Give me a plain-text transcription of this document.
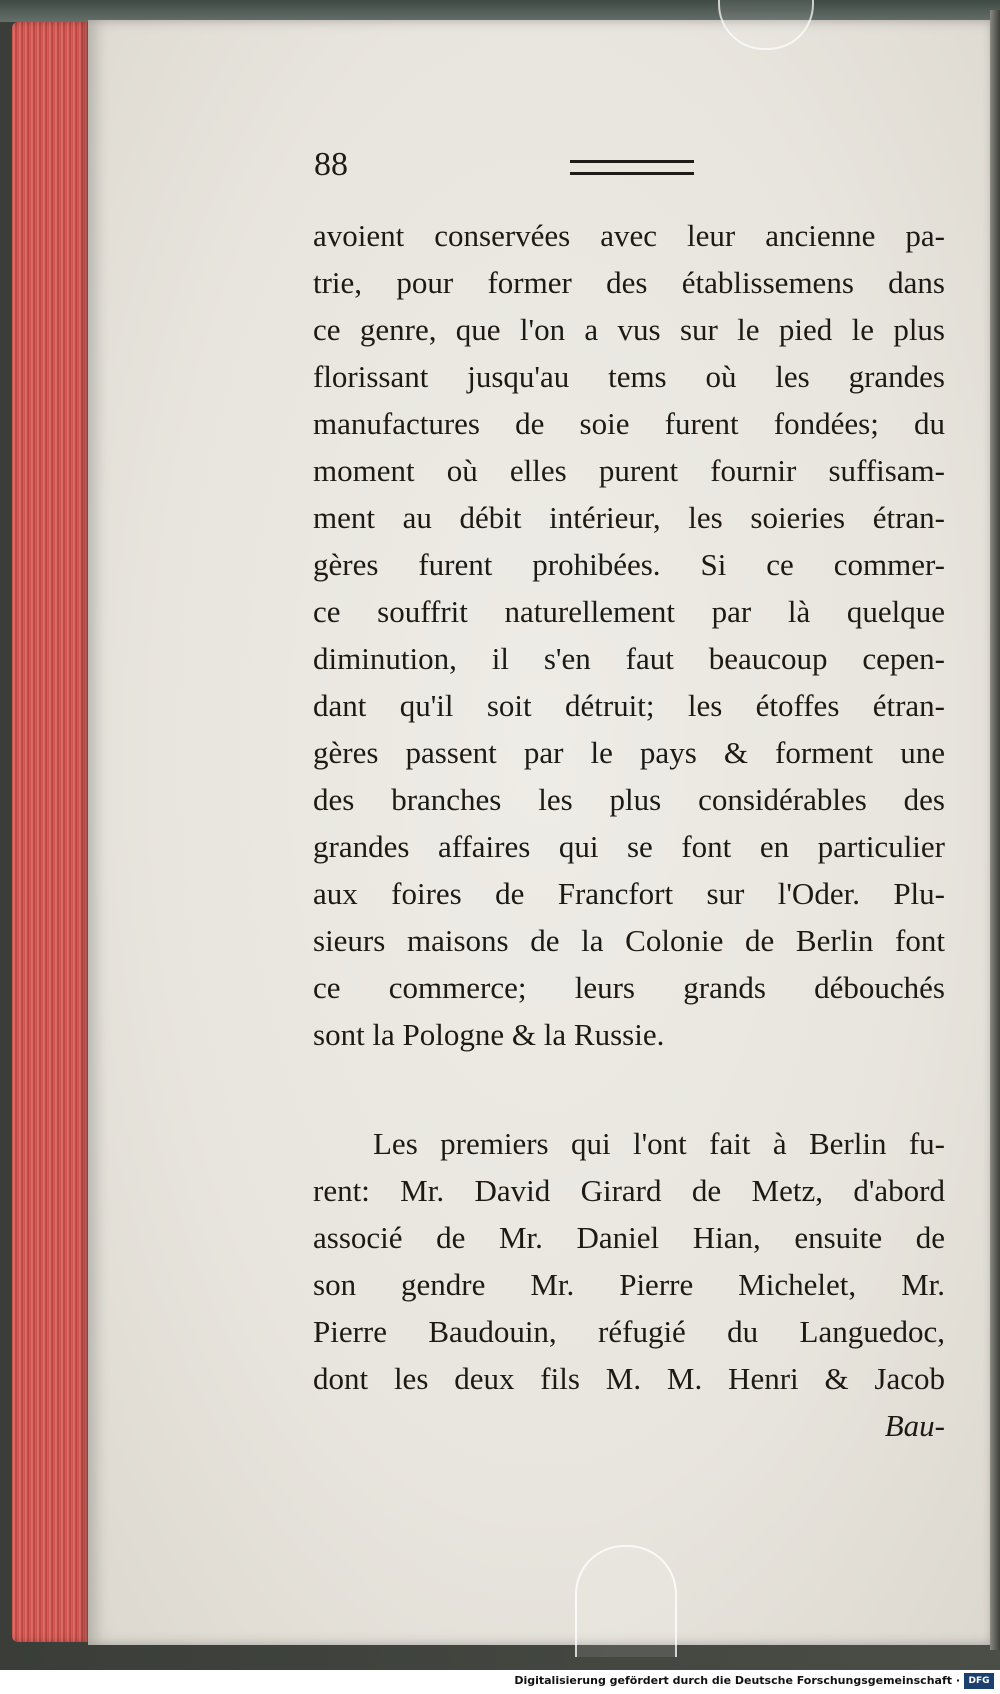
88
avoient conservées avec leur ancienne pa-
trie, pour former des établissemens dans
ce genre, que l'on a vus sur le pied le plus
florissant jusqu'au tems où les grandes
manufactures de soie furent fondées; du
moment où elles purent fournir suffisam-
ment au débit intérieur, les soieries étran-
gères furent prohibées. Si ce commer-
ce souffrit naturellement par là quelque
diminution, il s'en faut beaucoup cepen-
dant qu'il soit détruit; les étoffes étran-
gères passent par le pays & forment une
des branches les plus considérables des
grandes affaires qui se font en particulier
aux foires de Francfort sur l'Oder. Plu-
sieurs maisons de la Colonie de Berlin font
ce commerce; leurs grands débouchés
sont la Pologne & la Russie.
Les premiers qui l'ont fait à Berlin fu-
rent: Mr. David Girard de Metz, d'abord
associé de Mr. Daniel Hian, ensuite de
son gendre Mr. Pierre Michelet, Mr.
Pierre Baudouin, réfugié du Languedoc,
dont les deux fils M. M. Henri & Jacob
Bau-
Digitalisierung gefördert durch die Deutsche Forschungsgemeinschaft · DFG
